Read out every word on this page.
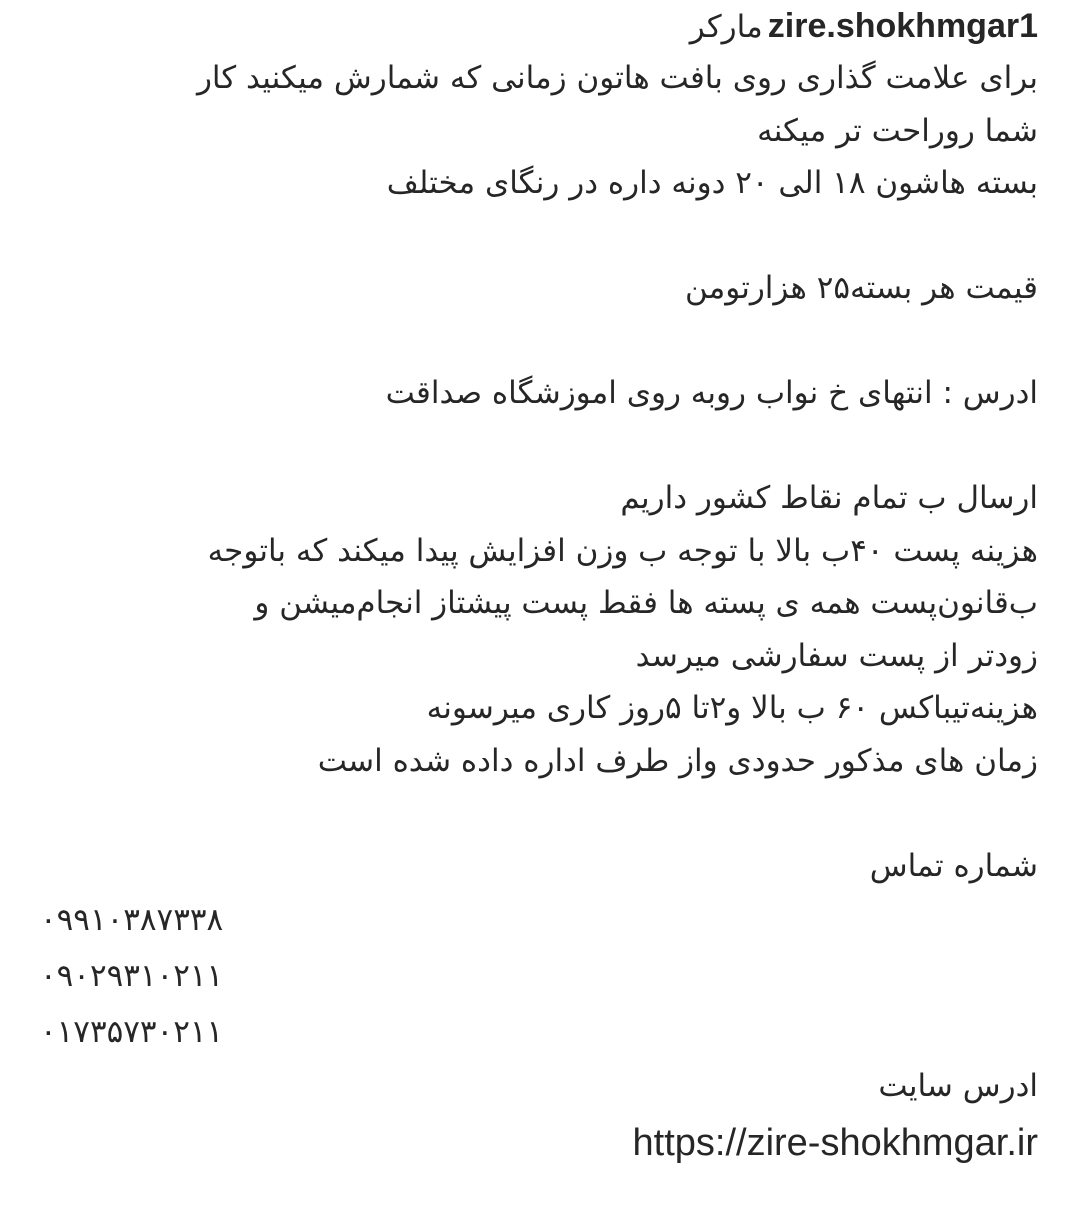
zire.shokhmgar1 مارکر
برای علامت گذاری روی بافت هاتون زمانی که شمارش میکنید کار
شما روراحت تر میکنه
بسته هاشون ۱۸ الی ۲۰ دونه داره در رنگای مختلف
قیمت هر بسته۲۵ هزارتومن
ادرس : انتهای خ نواب روبه روی اموزشگاه صداقت
ارسال ب تمام نقاط کشور داریم
هزینه پست ۴۰ب بالا با توجه ب وزن افزایش پیدا میکند که باتوجه
ب‌قانون‌پست همه ی پسته ها فقط پست پیشتاز انجام‌میشن و
زودتر از پست سفارشی میرسد
هزینه‌تیباکس ۶۰ ب بالا و۲تا ۵روز کاری میرسونه
زمان های مذکور حدودی واز طرف اداره داده شده است
شماره تماس
۰۹۹۱۰۳۸۷۳۳۸
۰۹۰۲۹۳۱۰۲۱۱
۰۱۷۳۵۷۳۰۲۱۱
ادرس سایت
https://zire-shokhmgar.ir
